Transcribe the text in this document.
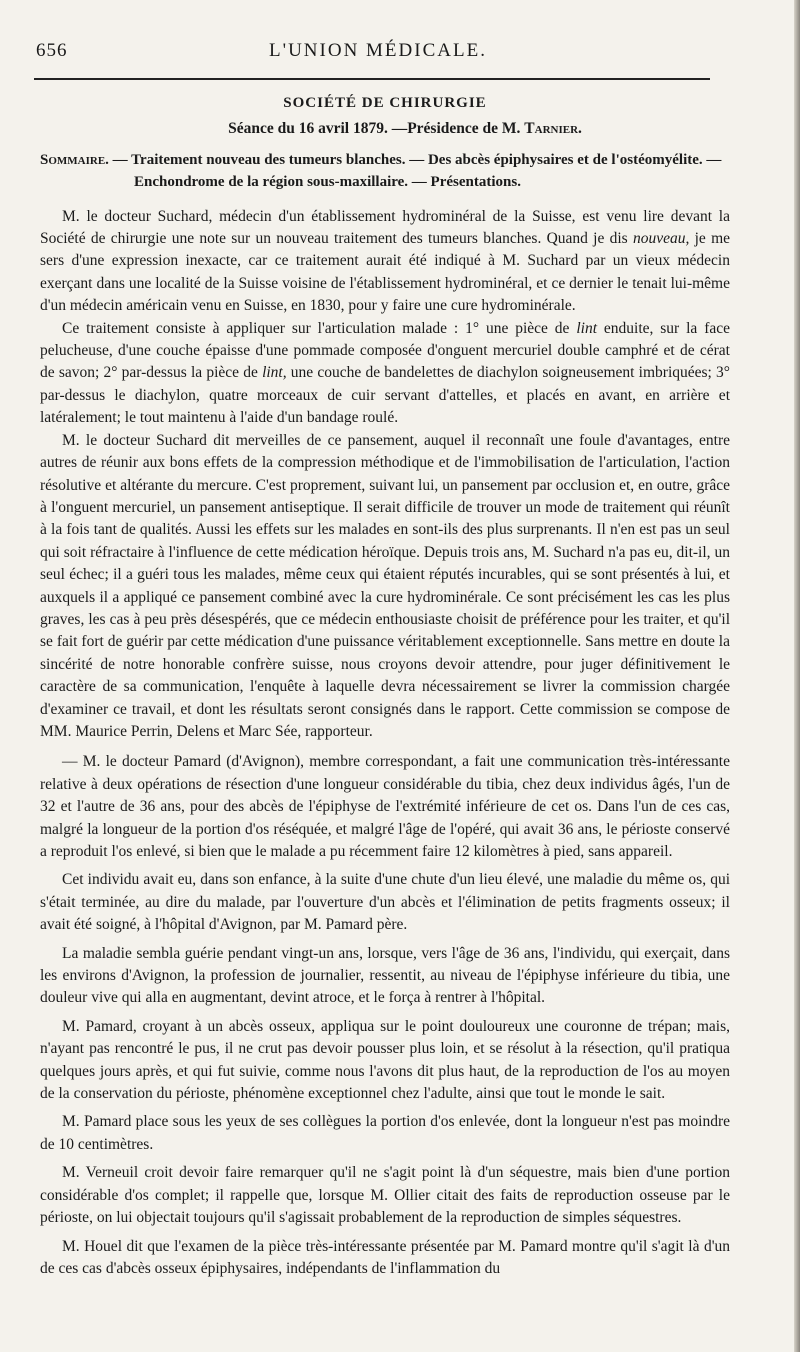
656	L'UNION MÉDICALE.
SOCIÉTÉ DE CHIRURGIE
Séance du 16 avril 1879. —Présidence de M. Tarnier.
Sommaire. — Traitement nouveau des tumeurs blanches. — Des abcès épiphysaires et de l'ostéomyélite. — Enchondrome de la région sous-maxillaire. — Présentations.

M. le docteur Suchard, médecin d'un établissement hydrominéral de la Suisse, est venu lire devant la Société de chirurgie une note sur un nouveau traitement des tumeurs blanches. Quand je dis nouveau, je me sers d'une expression inexacte, car ce traitement aurait été indiqué à M. Suchard par un vieux médecin exerçant dans une localité de la Suisse voisine de l'établissement hydrominéral, et ce dernier le tenait lui-même d'un médecin américain venu en Suisse, en 1830, pour y faire une cure hydrominérale.

Ce traitement consiste à appliquer sur l'articulation malade : 1° une pièce de lint enduite, sur la face pelucheuse, d'une couche épaisse d'une pommade composée d'onguent mercuriel double camphré et de cérat de savon; 2° par-dessus la pièce de lint, une couche de bandelettes de diachylon soigneusement imbriquées; 3° par-dessus le diachylon, quatre morceaux de cuir servant d'attelles, et placés en avant, en arrière et latéralement; le tout maintenu à l'aide d'un bandage roulé.

M. le docteur Suchard dit merveilles de ce pansement, auquel il reconnaît une foule d'avantages, entre autres de réunir aux bons effets de la compression méthodique et de l'immobilisation de l'articulation, l'action résolutive et altérante du mercure. C'est proprement, suivant lui, un pansement par occlusion et, en outre, grâce à l'onguent mercuriel, un pansement antiseptique. Il serait difficile de trouver un mode de traitement qui réunît à la fois tant de qualités. Aussi les effets sur les malades en sont-ils des plus surprenants. Il n'en est pas un seul qui soit réfractaire à l'influence de cette médication héroïque. Depuis trois ans, M. Suchard n'a pas eu, dit-il, un seul échec; il a guéri tous les malades, même ceux qui étaient réputés incurables, qui se sont présentés à lui, et auxquels il a appliqué ce pansement combiné avec la cure hydrominérale. Ce sont précisément les cas les plus graves, les cas à peu près désespérés, que ce médecin enthousiaste choisit de préférence pour les traiter, et qu'il se fait fort de guérir par cette médication d'une puissance véritablement exceptionnelle. Sans mettre en doute la sincérité de notre honorable confrère suisse, nous croyons devoir attendre, pour juger définitivement le caractère de sa communication, l'enquête à laquelle devra nécessairement se livrer la commission chargée d'examiner ce travail, et dont les résultats seront consignés dans le rapport. Cette commission se compose de MM. Maurice Perrin, Delens et Marc Sée, rapporteur.

— M. le docteur Pamard (d'Avignon), membre correspondant, a fait une communication très-intéressante relative à deux opérations de résection d'une longueur considérable du tibia, chez deux individus âgés, l'un de 32 et l'autre de 36 ans, pour des abcès de l'épiphyse de l'extrémité inférieure de cet os. Dans l'un de ces cas, malgré la longueur de la portion d'os réséquée, et malgré l'âge de l'opéré, qui avait 36 ans, le périoste conservé a reproduit l'os enlevé, si bien que le malade a pu récemment faire 12 kilomètres à pied, sans appareil.

Cet individu avait eu, dans son enfance, à la suite d'une chute d'un lieu élevé, une maladie du même os, qui s'était terminée, au dire du malade, par l'ouverture d'un abcès et l'élimination de petits fragments osseux; il avait été soigné, à l'hôpital d'Avignon, par M. Pamard père.

La maladie sembla guérie pendant vingt-un ans, lorsque, vers l'âge de 36 ans, l'individu, qui exerçait, dans les environs d'Avignon, la profession de journalier, ressentit, au niveau de l'épiphyse inférieure du tibia, une douleur vive qui alla en augmentant, devint atroce, et le força à rentrer à l'hôpital.

M. Pamard, croyant à un abcès osseux, appliqua sur le point douloureux une couronne de trépan; mais, n'ayant pas rencontré le pus, il ne crut pas devoir pousser plus loin, et se résolut à la résection, qu'il pratiqua quelques jours après, et qui fut suivie, comme nous l'avons dit plus haut, de la reproduction de l'os au moyen de la conservation du périoste, phénomène exceptionnel chez l'adulte, ainsi que tout le monde le sait.

M. Pamard place sous les yeux de ses collègues la portion d'os enlevée, dont la longueur n'est pas moindre de 10 centimètres.

M. Verneuil croit devoir faire remarquer qu'il ne s'agit point là d'un séquestre, mais bien d'une portion considérable d'os complet; il rappelle que, lorsque M. Ollier citait des faits de reproduction osseuse par le périoste, on lui objectait toujours qu'il s'agissait probablement de la reproduction de simples séquestres.

M. Houel dit que l'examen de la pièce très-intéressante présentée par M. Pamard montre qu'il s'agit là d'un de ces cas d'abcès osseux épiphysaires, indépendants de l'inflammation du
